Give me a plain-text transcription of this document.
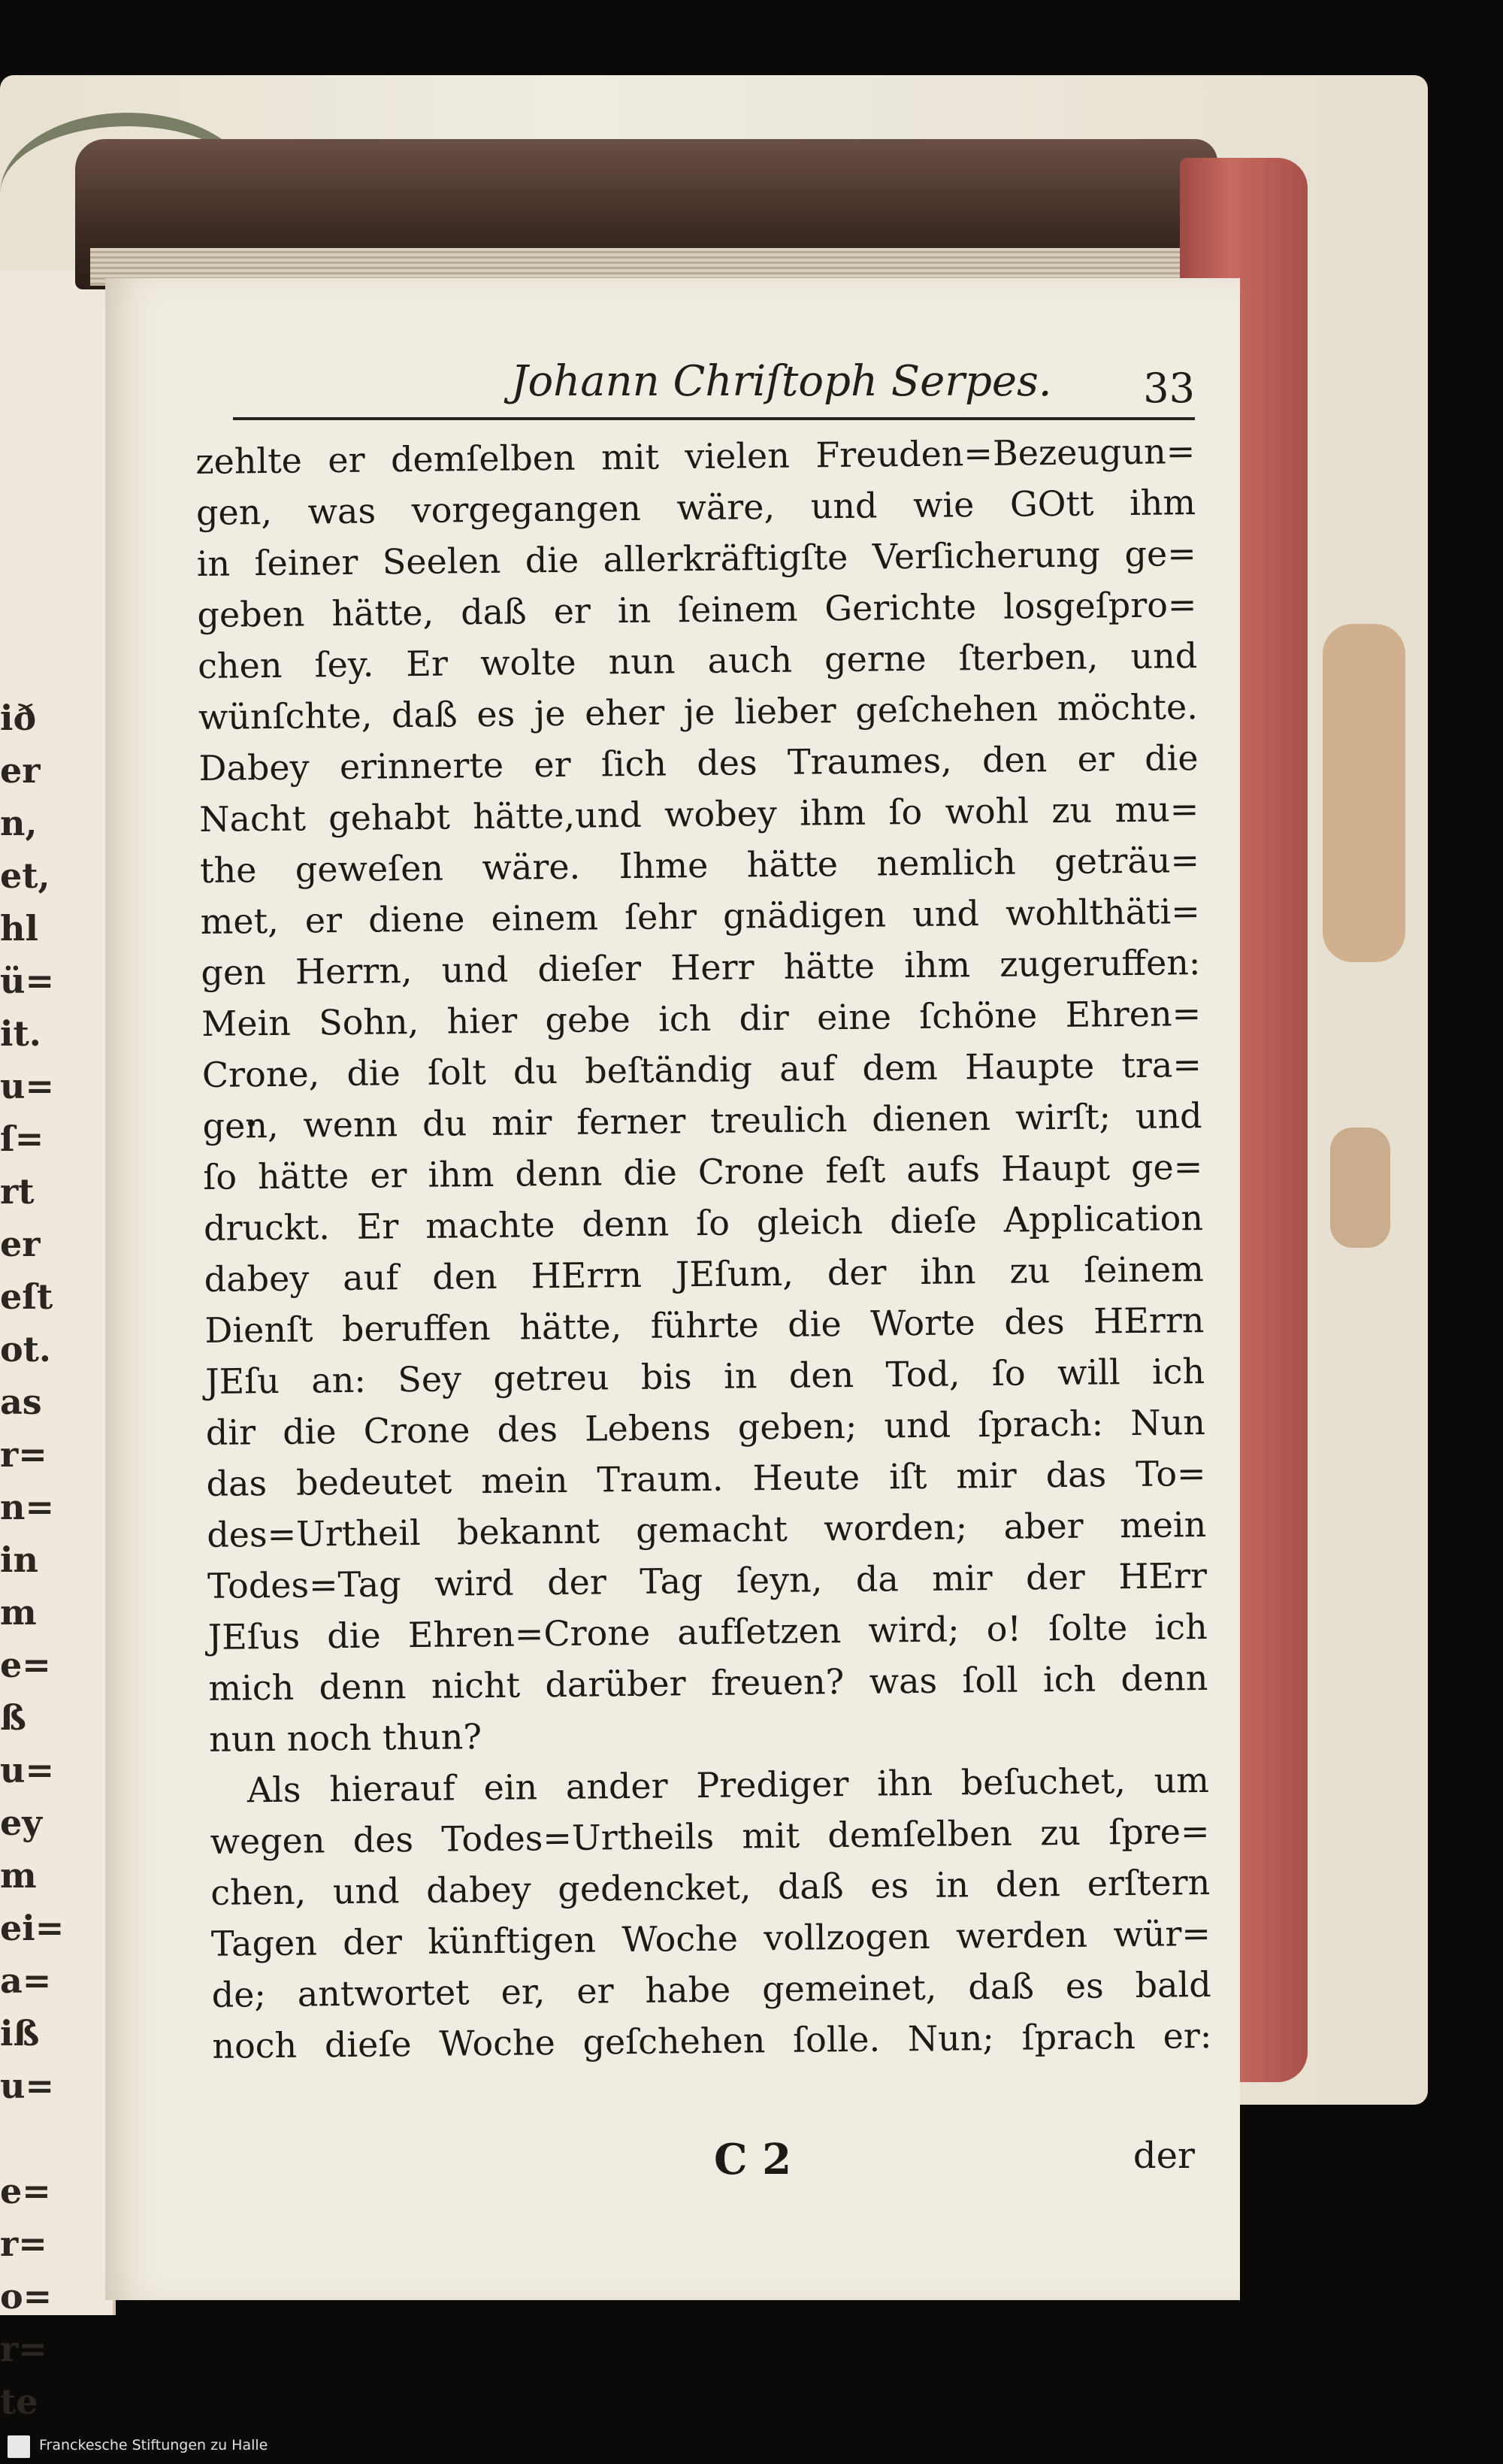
ið
er
n,
et,
hl
ü=
it.
u=
ſ=
rt
er
eſt
ot.
as
r=
n=
in
m
e=
ß
u=
ey
m
ei=
a=
iß
u=
e=
r=
o=
r=
te
Johann Chriſtoph Serpes. 33
zehlte er demſelben mit vielen Freuden=Bezeugun=
gen, was vorgegangen wäre, und wie GOtt ihm
in ſeiner Seelen die allerkräftigſte Verſicherung ge=
geben hätte, daß er in ſeinem Gerichte losgeſpro=
chen ſey. Er wolte nun auch gerne ſterben, und
wünſchte, daß es je eher je lieber geſchehen möchte.
Dabey erinnerte er ſich des Traumes, den er die
Nacht gehabt hätte,und wobey ihm ſo wohl zu mu=
the geweſen wäre. Ihme hätte nemlich geträu=
met, er diene einem ſehr gnädigen und wohlthäti=
gen Herrn, und dieſer Herr hätte ihm zugeruffen:
Mein Sohn, hier gebe ich dir eine ſchöne Ehren=
Crone, die ſolt du beſtändig auf dem Haupte tra=
gen, wenn du mir ferner treulich dienen wirſt; und
ſo hätte er ihm denn die Crone feſt aufs Haupt ge=
druckt. Er machte denn ſo gleich dieſe Application
dabey auf den HErrn JEſum, der ihn zu ſeinem
Dienſt beruffen hätte, führte die Worte des HErrn
JEſu an: Sey getreu bis in den Tod, ſo will ich
dir die Crone des Lebens geben; und ſprach: Nun
das bedeutet mein Traum. Heute iſt mir das To=
des=Urtheil bekannt gemacht worden; aber mein
Todes=Tag wird der Tag ſeyn, da mir der HErr
JEſus die Ehren=Crone aufſetzen wird; o! ſolte ich
mich denn nicht darüber freuen? was ſoll ich denn
nun noch thun?
Als hierauf ein ander Prediger ihn beſuchet, um
wegen des Todes=Urtheils mit demſelben zu ſpre=
chen, und dabey gedencket, daß es in den erſtern
Tagen der künftigen Woche vollzogen werden wür=
de; antwortet er, er habe gemeinet, daß es bald
noch dieſe Woche geſchehen ſolle. Nun; ſprach er:
C 2	der
Franckesche Stiftungen zu Halle
